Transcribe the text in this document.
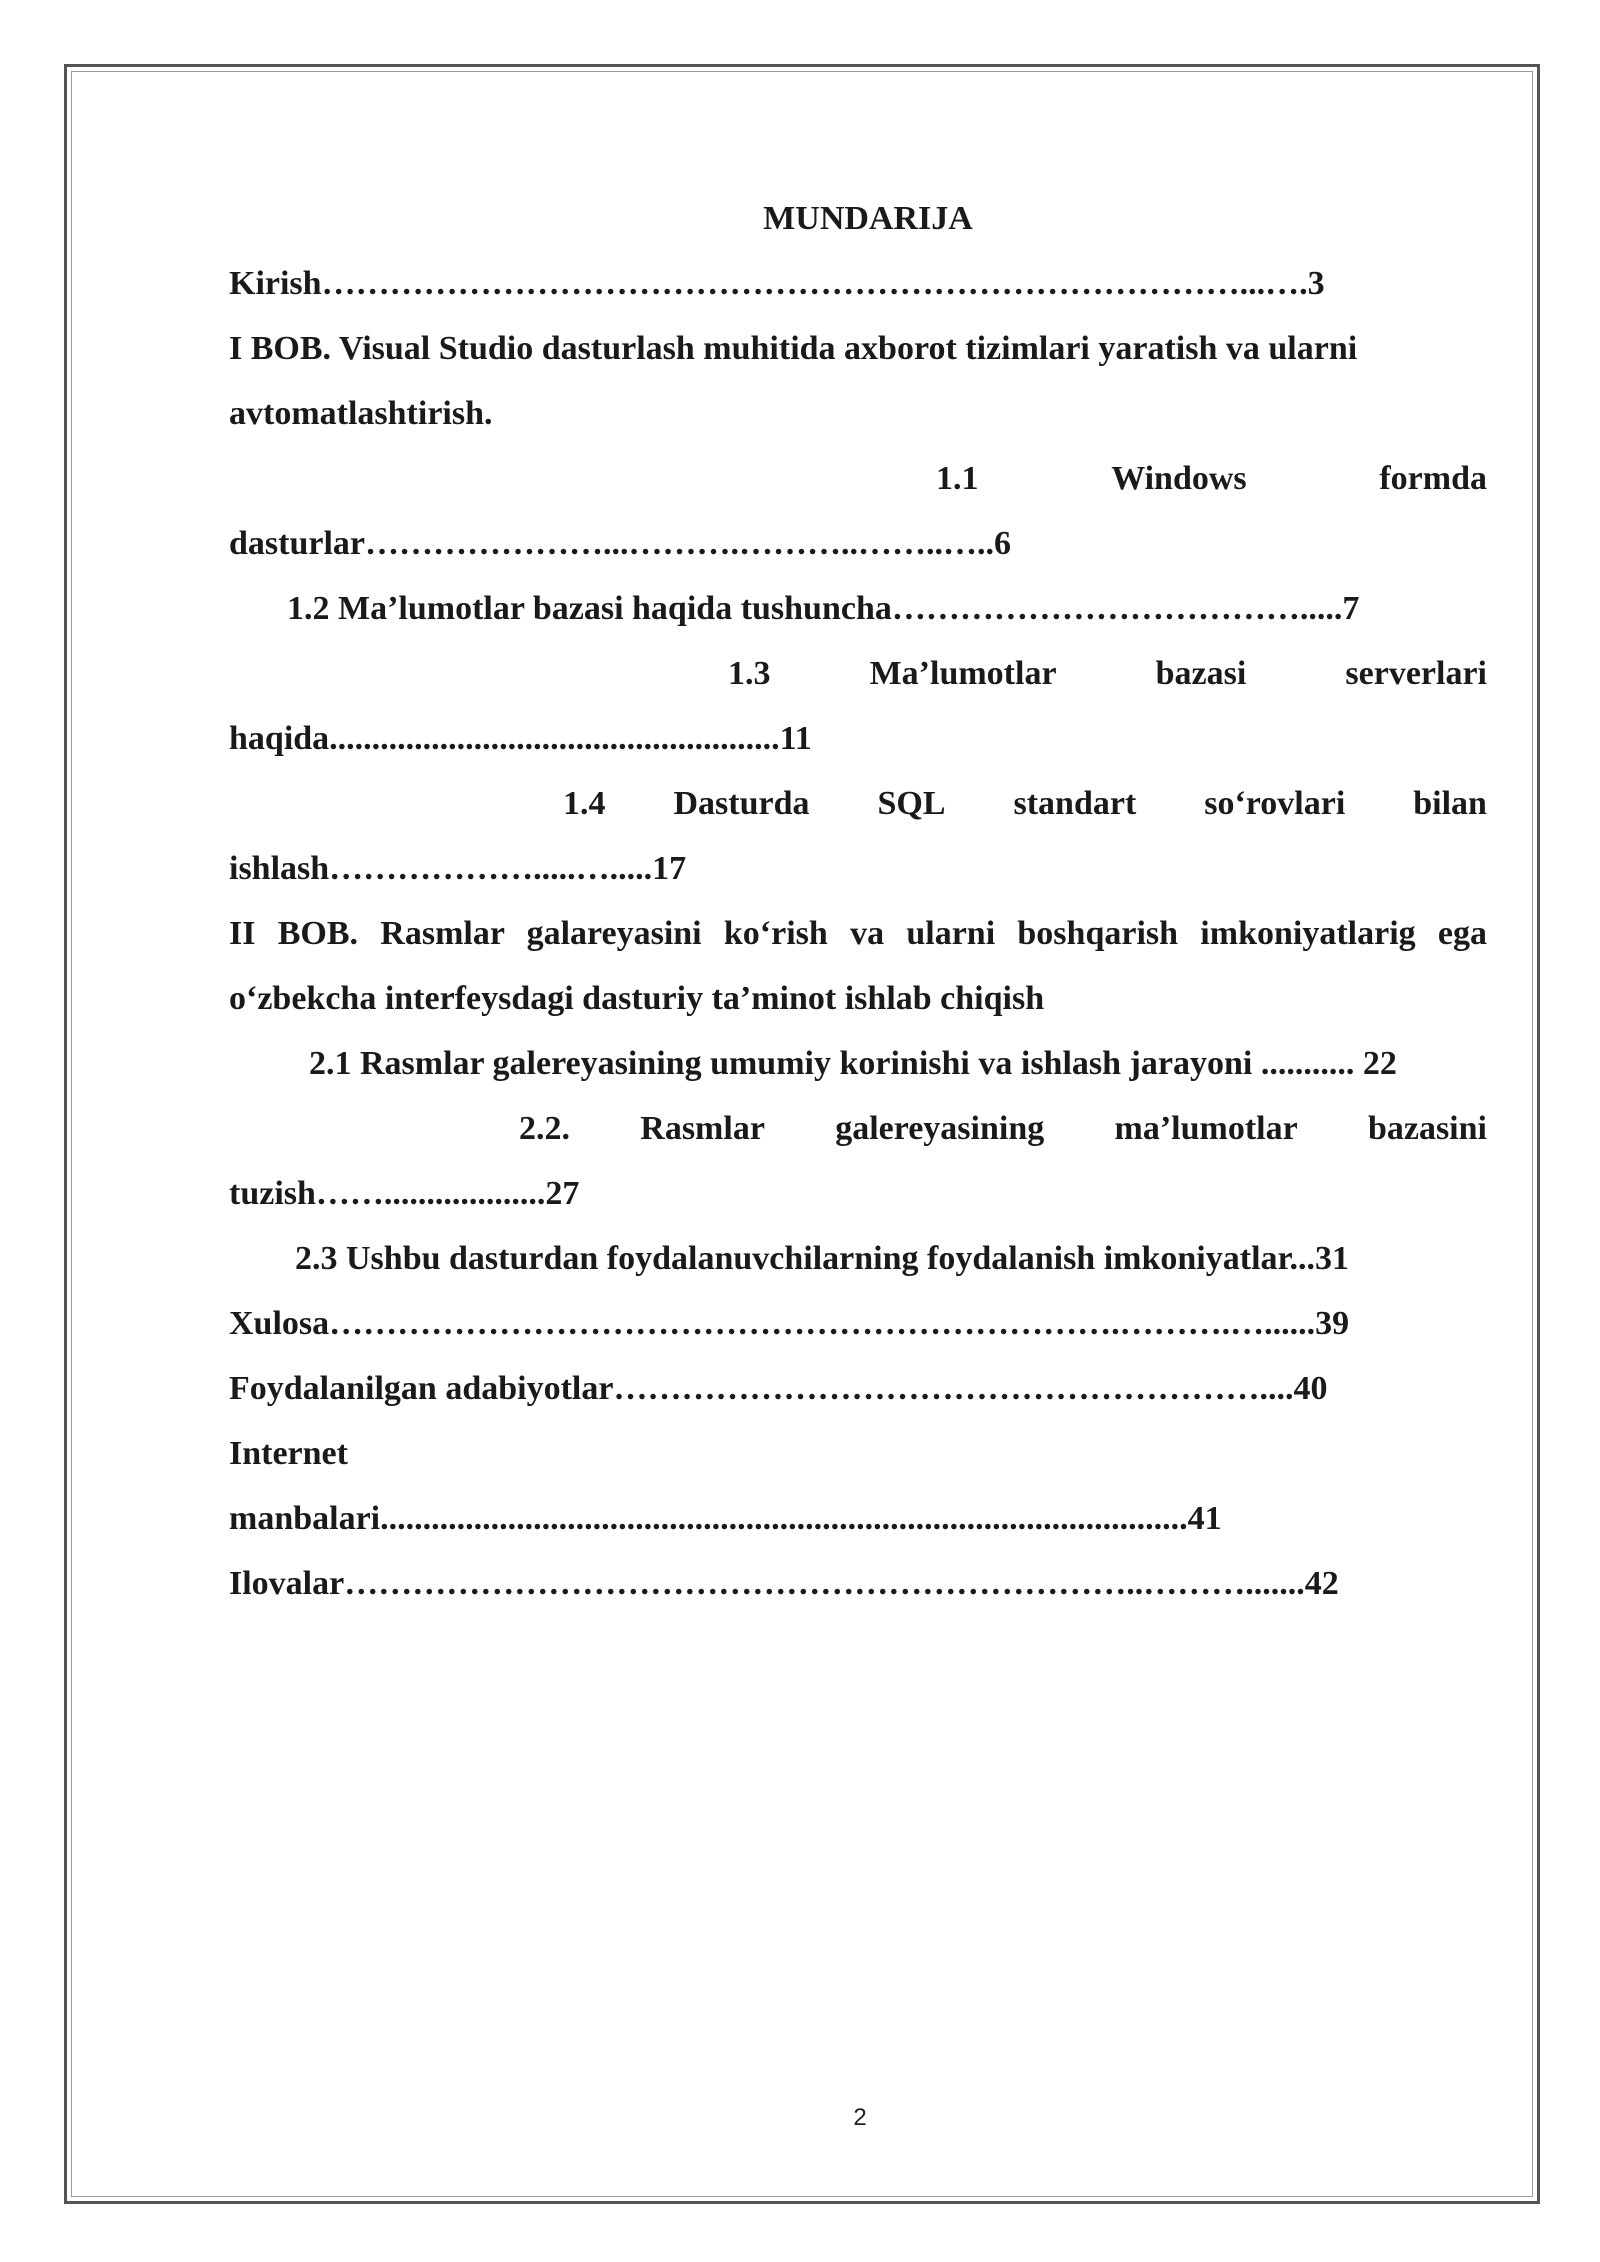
MUNDARIJA
Kirish………………………………………………………………………...….3
I BOB. Visual Studio dasturlash muhitida axborot tizimlari yaratish va ularni
avtomatlashtirish.
1.1	Windows	formda
dasturlar…………………...……….………..……..…..6
1.2 Ma’lumotlar bazasi haqida tushuncha……………………………….....7
1.3	Ma’lumotlar	bazasi	serverlari
haqida.....................................................11
1.4 Dasturda SQL standart so‘rovlari bilan
ishlash……………….....….....17
II BOB. Rasmlar galareyasini ko‘rish va ularni boshqarish imkoniyatlarig ega o‘zbekcha interfeysdagi dasturiy ta’minot ishlab chiqish
2.1 Rasmlar galereyasining umumiy korinishi va ishlash jarayoni ........... 22
2.2. Rasmlar galereyasining ma’lumotlar bazasini
tuzish……...................27
2.3 Ushbu dasturdan foydalanuvchilarning foydalanish imkoniyatlar...31
Xulosa…………………………………………………………….……….…......39
Foydalanilgan adabiyotlar…………………………………………………....40
Internet
manbalari...............................................................................................41
Ilovalar……………………………………………………………..……….......42
2
